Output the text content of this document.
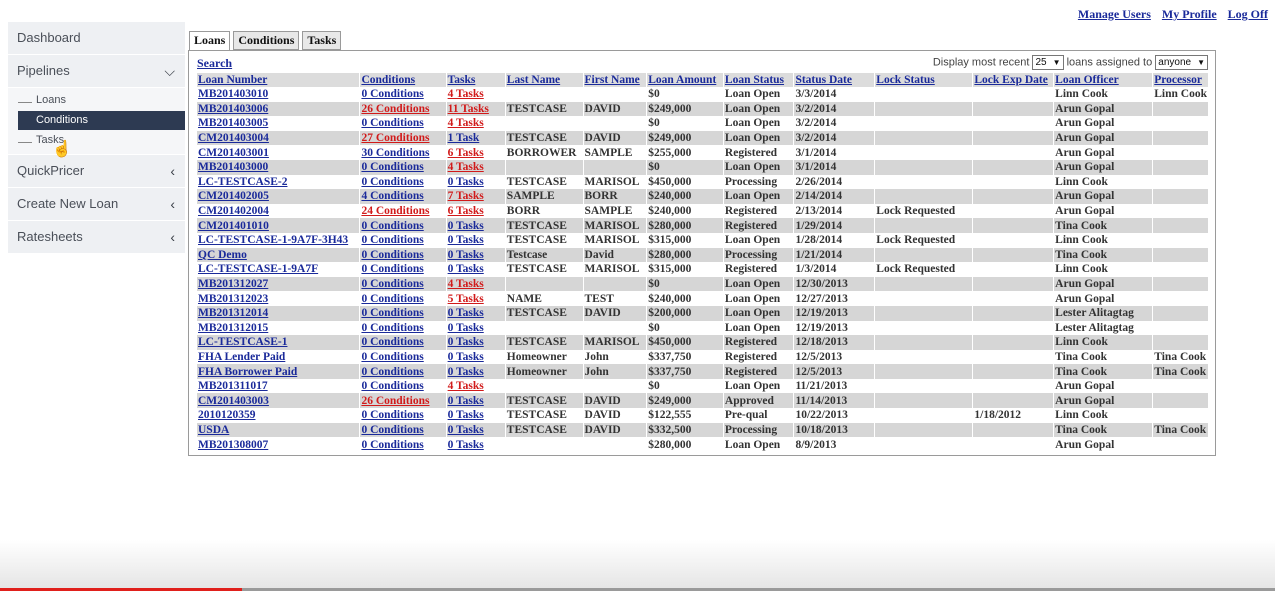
Manage Users My Profile Log Off
Dashboard
Pipelines	⌵
Loans
Conditions
Tasks
QuickPricer	‹
Create New Loan	‹
Ratesheets	‹
☝
Loans	Conditions	Tasks
Search	Display most recent 25 ▼ loans assigned to anyone ▼
Loan Number	Conditions	Tasks	Last Name	First Name	Loan Amount	Loan Status	Status Date	Lock Status	Lock Exp Date	Loan Officer	Processor
MB201403010	0 Conditions	4 Tasks			$0	Loan Open	3/3/2014			Linn Cook	Linn Cook
MB201403006	26 Conditions	11 Tasks	TESTCASE	DAVID	$249,000	Loan Open	3/2/2014			Arun Gopal	
MB201403005	0 Conditions	4 Tasks			$0	Loan Open	3/2/2014			Arun Gopal	
CM201403004	27 Conditions	1 Task	TESTCASE	DAVID	$249,000	Loan Open	3/2/2014			Arun Gopal	
CM201403001	30 Conditions	6 Tasks	BORROWER	SAMPLE	$255,000	Registered	3/1/2014			Arun Gopal	
MB201403000	0 Conditions	4 Tasks			$0	Loan Open	3/1/2014			Arun Gopal	
LC-TESTCASE-2	0 Conditions	0 Tasks	TESTCASE	MARISOL	$450,000	Processing	2/26/2014			Linn Cook	
CM201402005	4 Conditions	7 Tasks	SAMPLE	BORR	$240,000	Loan Open	2/14/2014			Arun Gopal	
CM201402004	24 Conditions	6 Tasks	BORR	SAMPLE	$240,000	Registered	2/13/2014	Lock Requested		Arun Gopal	
CM201401010	0 Conditions	0 Tasks	TESTCASE	MARISOL	$280,000	Registered	1/29/2014			Tina Cook	
LC-TESTCASE-1-9A7F-3H43	0 Conditions	0 Tasks	TESTCASE	MARISOL	$315,000	Loan Open	1/28/2014	Lock Requested		Linn Cook	
QC Demo	0 Conditions	0 Tasks	Testcase	David	$280,000	Processing	1/21/2014			Tina Cook	
LC-TESTCASE-1-9A7F	0 Conditions	0 Tasks	TESTCASE	MARISOL	$315,000	Registered	1/3/2014	Lock Requested		Linn Cook	
MB201312027	0 Conditions	4 Tasks			$0	Loan Open	12/30/2013			Arun Gopal	
MB201312023	0 Conditions	5 Tasks	NAME	TEST	$240,000	Loan Open	12/27/2013			Arun Gopal	
MB201312014	0 Conditions	0 Tasks	TESTCASE	DAVID	$200,000	Loan Open	12/19/2013			Lester Alitagtag	
MB201312015	0 Conditions	0 Tasks			$0	Loan Open	12/19/2013			Lester Alitagtag	
LC-TESTCASE-1	0 Conditions	0 Tasks	TESTCASE	MARISOL	$450,000	Registered	12/18/2013			Linn Cook	
FHA Lender Paid	0 Conditions	0 Tasks	Homeowner	John	$337,750	Registered	12/5/2013			Tina Cook	Tina Cook
FHA Borrower Paid	0 Conditions	0 Tasks	Homeowner	John	$337,750	Registered	12/5/2013			Tina Cook	Tina Cook
MB201311017	0 Conditions	4 Tasks			$0	Loan Open	11/21/2013			Arun Gopal	
CM201403003	26 Conditions	0 Tasks	TESTCASE	DAVID	$249,000	Approved	11/14/2013			Arun Gopal	
2010120359	0 Conditions	0 Tasks	TESTCASE	DAVID	$122,555	Pre-qual	10/22/2013		1/18/2012	Linn Cook	
USDA	0 Conditions	0 Tasks	TESTCASE	DAVID	$332,500	Processing	10/18/2013			Tina Cook	Tina Cook
MB201308007	0 Conditions	0 Tasks			$280,000	Loan Open	8/9/2013			Arun Gopal	
